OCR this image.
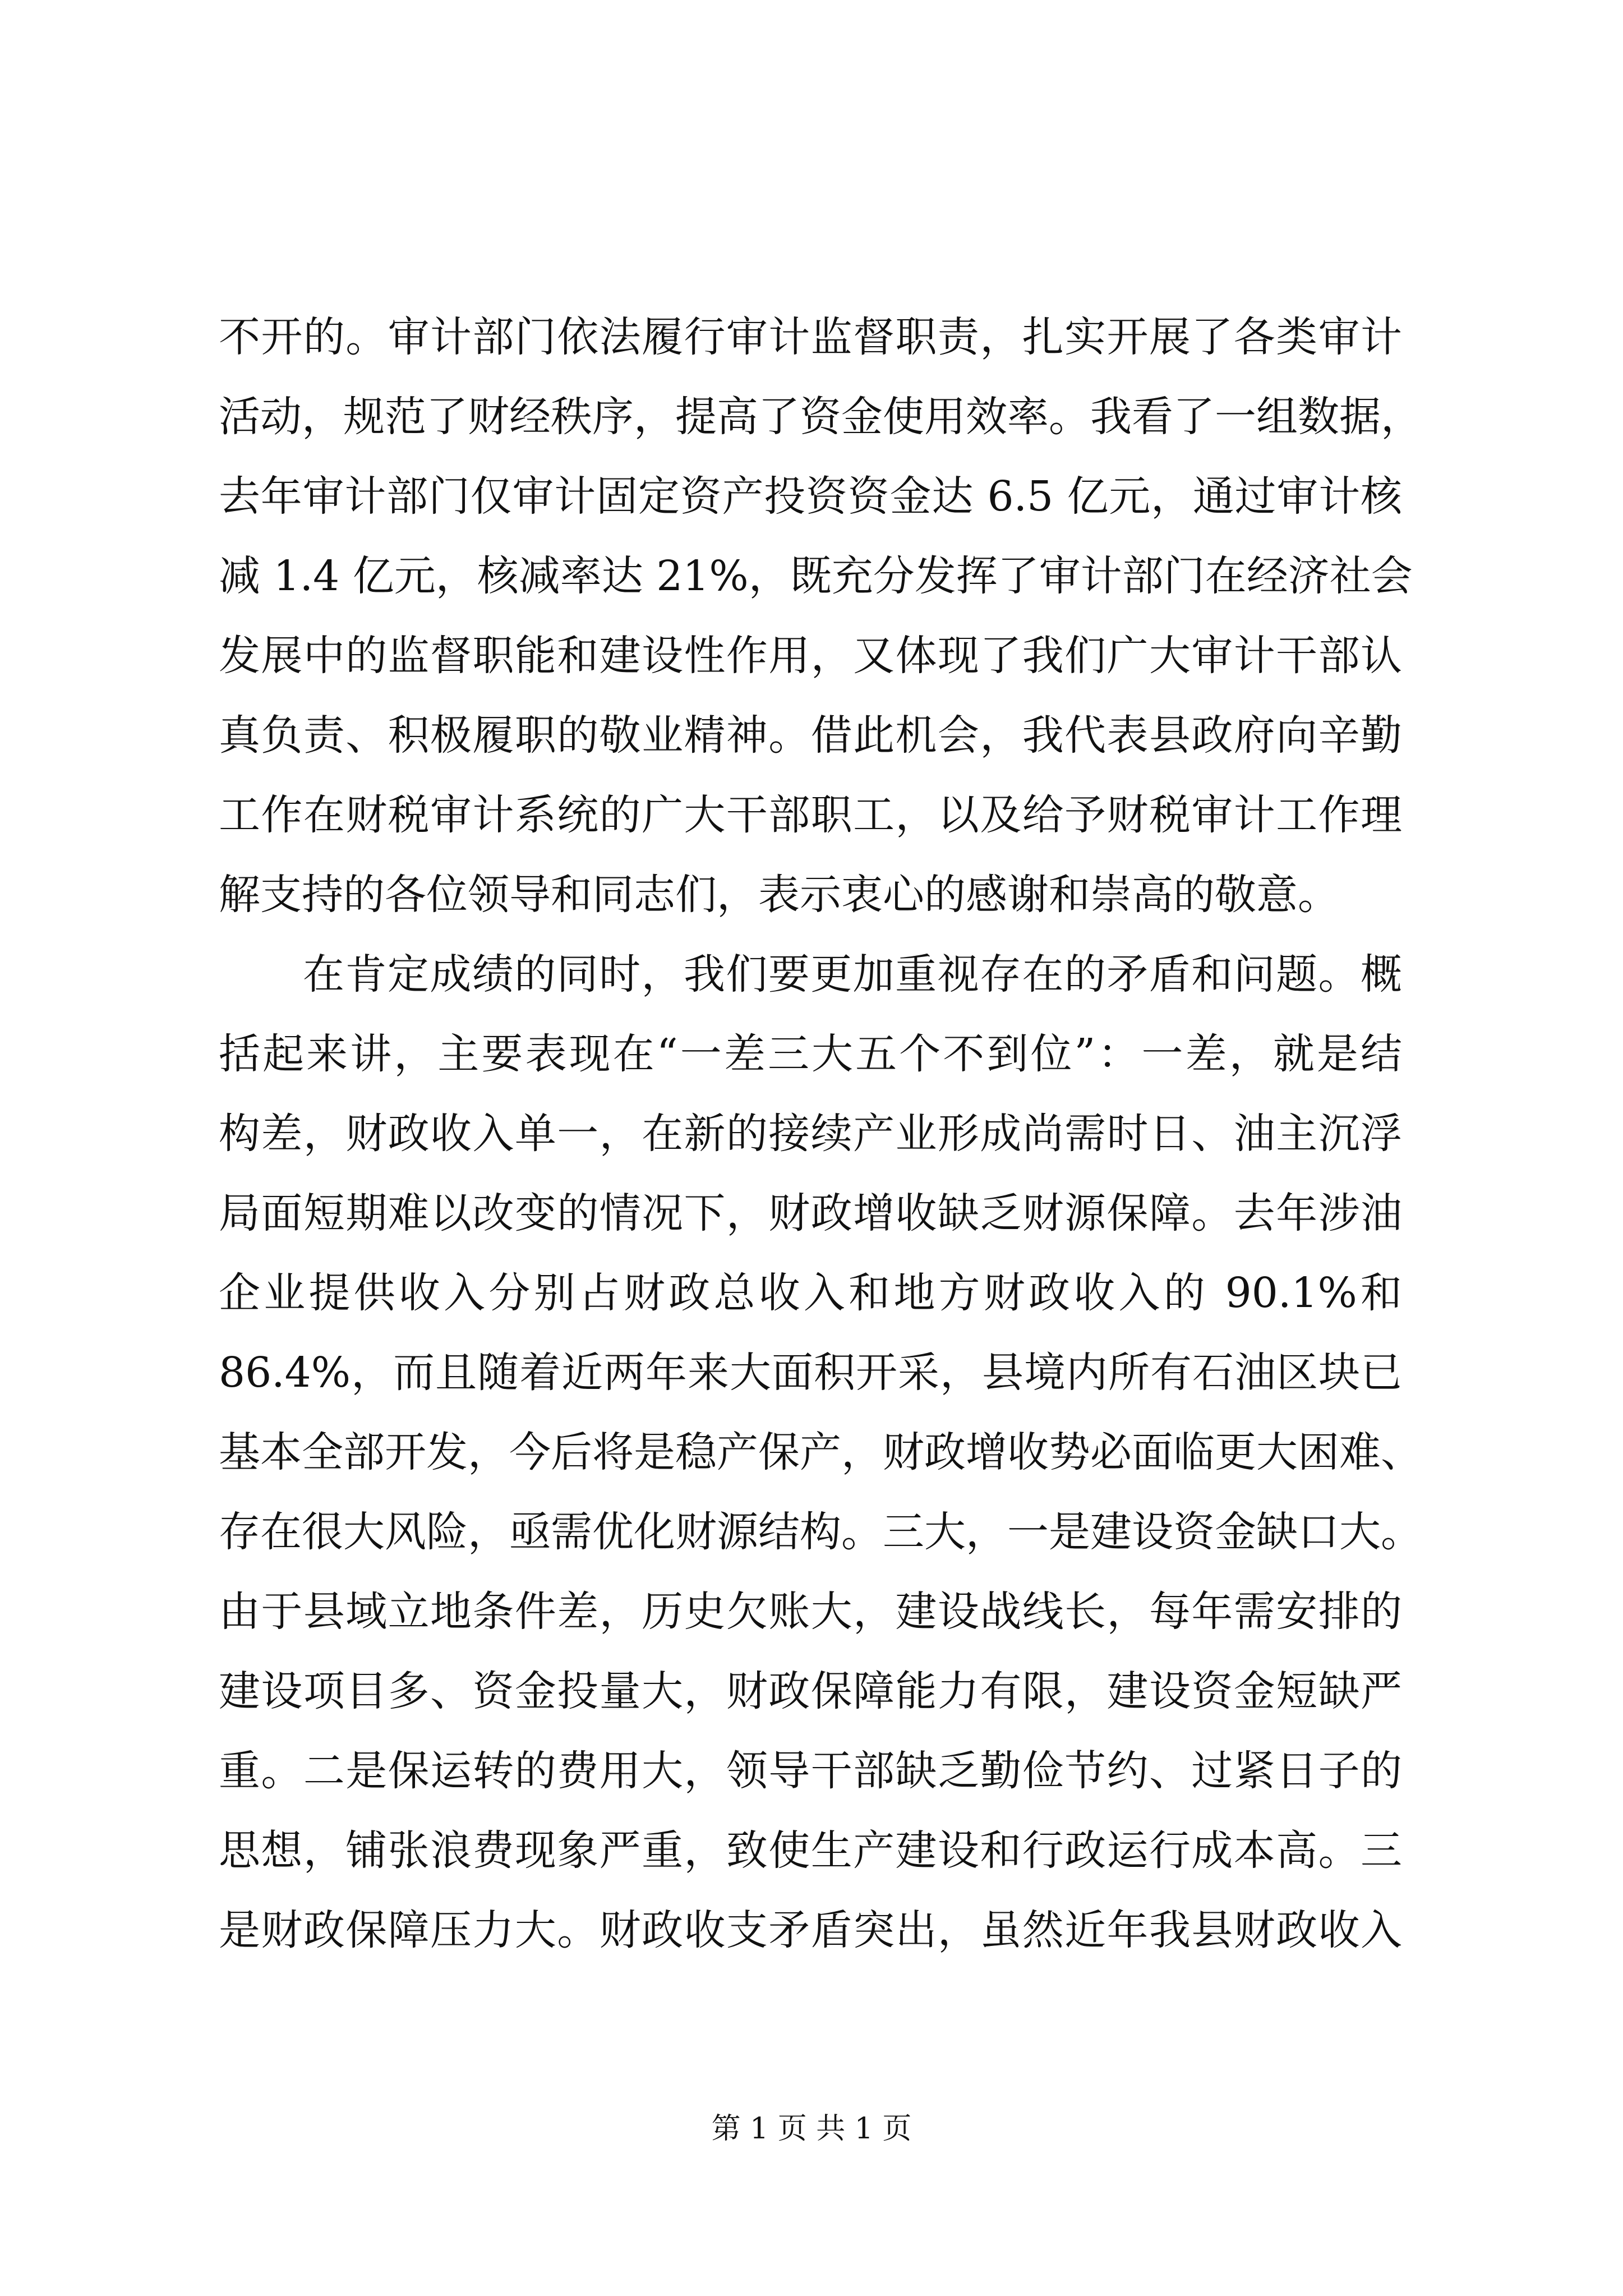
不开的。审计部门依法履行审计监督职责，扎实开展了各类审计
活动，规范了财经秩序，提高了资金使用效率。我看了一组数据，
去年审计部门仅审计固定资产投资资金达 6.5 亿元，通过审计核
减 1.4 亿元，核减率达 21%，既充分发挥了审计部门在经济社会
发展中的监督职能和建设性作用，又体现了我们广大审计干部认
真负责、积极履职的敬业精神。借此机会，我代表县政府向辛勤
工作在财税审计系统的广大干部职工，以及给予财税审计工作理
解支持的各位领导和同志们，表示衷心的感谢和崇高的敬意。
在肯定成绩的同时，我们要更加重视存在的矛盾和问题。概
括起来讲，主要表现在“一差三大五个不到位”：一差，就是结
构差，财政收入单一，在新的接续产业形成尚需时日、油主沉浮
局面短期难以改变的情况下，财政增收缺乏财源保障。去年涉油
企业提供收入分别占财政总收入和地方财政收入的 90.1%和
86.4%，而且随着近两年来大面积开采，县境内所有石油区块已
基本全部开发，今后将是稳产保产，财政增收势必面临更大困难、
存在很大风险，亟需优化财源结构。三大，一是建设资金缺口大。
由于县域立地条件差，历史欠账大，建设战线长，每年需安排的
建设项目多、资金投量大，财政保障能力有限，建设资金短缺严
重。二是保运转的费用大，领导干部缺乏勤俭节约、过紧日子的
思想，铺张浪费现象严重，致使生产建设和行政运行成本高。三
是财政保障压力大。财政收支矛盾突出，虽然近年我县财政收入
第 1 页 共 1 页
